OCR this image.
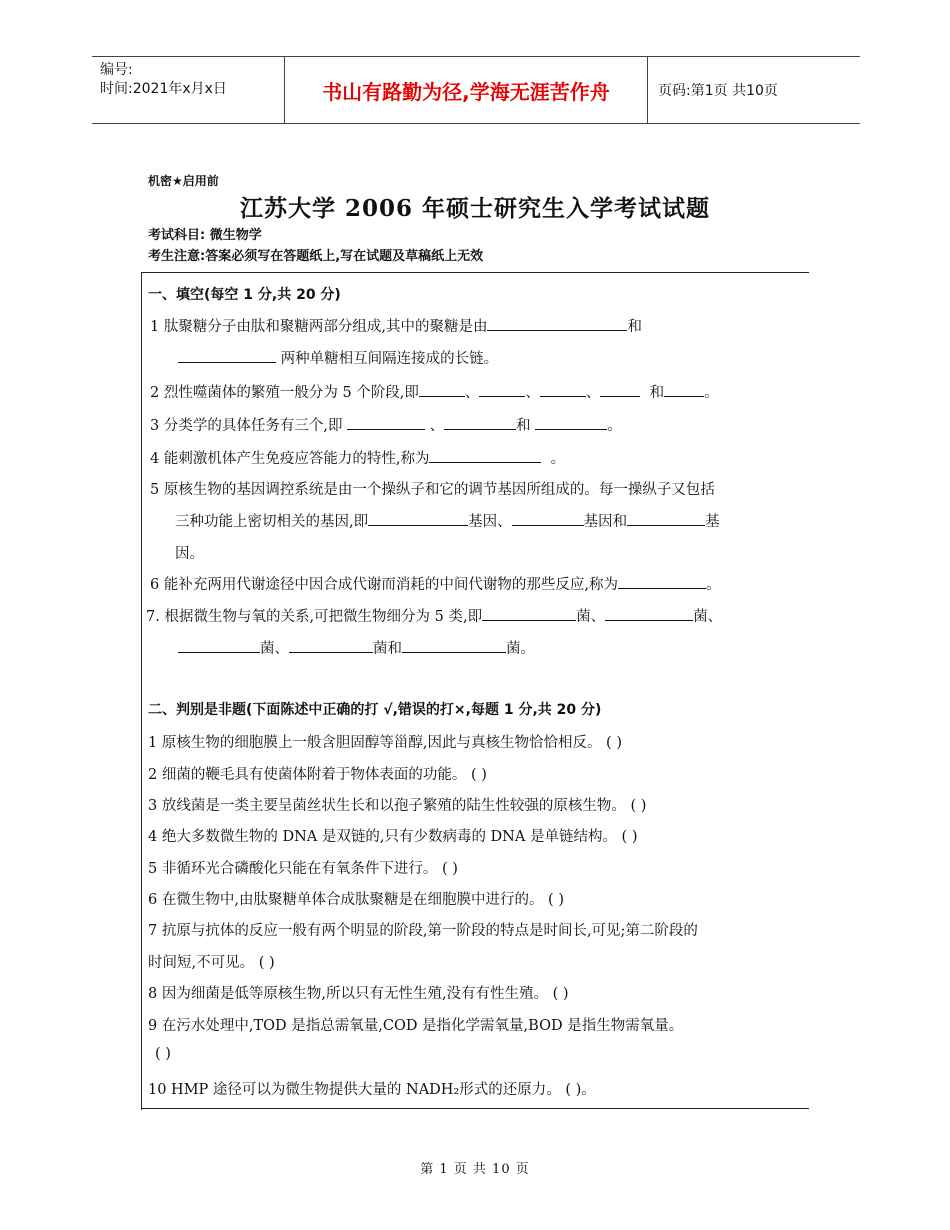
编号:
时间:2021年x月x日	书山有路勤为径,学海无涯苦作舟	页码:第1页 共10页
机密★启用前
江苏大学 2006 年硕士研究生入学考试试题
考试科目: 微生物学
考生注意:答案必须写在答题纸上,写在试题及草稿纸上无效
一、填空(每空 1 分,共 20 分)
1 肽聚糖分子由肽和聚糖两部分组成,其中的聚糖是由	和
两种单糖相互间隔连接成的长链。
2 烈性噬菌体的繁殖一般分为 5 个阶段,即	、	、	、	和	。
3 分类学的具体任务有三个,即	、	和	。
4 能刺激机体产生免疫应答能力的特性,称为	。
5 原核生物的基因调控系统是由一个操纵子和它的调节基因所组成的。每一操纵子又包括
三种功能上密切相关的基因,即	基因、	基因和	基
因。
6 能补充两用代谢途径中因合成代谢而消耗的中间代谢物的那些反应,称为	。
7. 根据微生物与氧的关系,可把微生物细分为 5 类,即	菌、	菌、
菌、	菌和	菌。
二、判别是非题(下面陈述中正确的打 √,错误的打×,每题 1 分,共 20 分)
1 原核生物的细胞膜上一般含胆固醇等甾醇,因此与真核生物恰恰相反。 ( )
2 细菌的鞭毛具有使菌体附着于物体表面的功能。 ( )
3 放线菌是一类主要呈菌丝状生长和以孢子繁殖的陆生性较强的原核生物。 ( )
4 绝大多数微生物的 DNA 是双链的,只有少数病毒的 DNA 是单链结构。 ( )
5 非循环光合磷酸化只能在有氧条件下进行。 ( )
6 在微生物中,由肽聚糖单体合成肽聚糖是在细胞膜中进行的。 ( )
7 抗原与抗体的反应一般有两个明显的阶段,第一阶段的特点是时间长,可见;第二阶段的
时间短,不可见。 ( )
8 因为细菌是低等原核生物,所以只有无性生殖,没有有性生殖。 ( )
9 在污水处理中,TOD 是指总需氧量,COD 是指化学需氧量,BOD 是指生物需氧量。
( )
10 HMP 途径可以为微生物提供大量的 NADH₂形式的还原力。 ( )。
第 1 页 共 10 页
